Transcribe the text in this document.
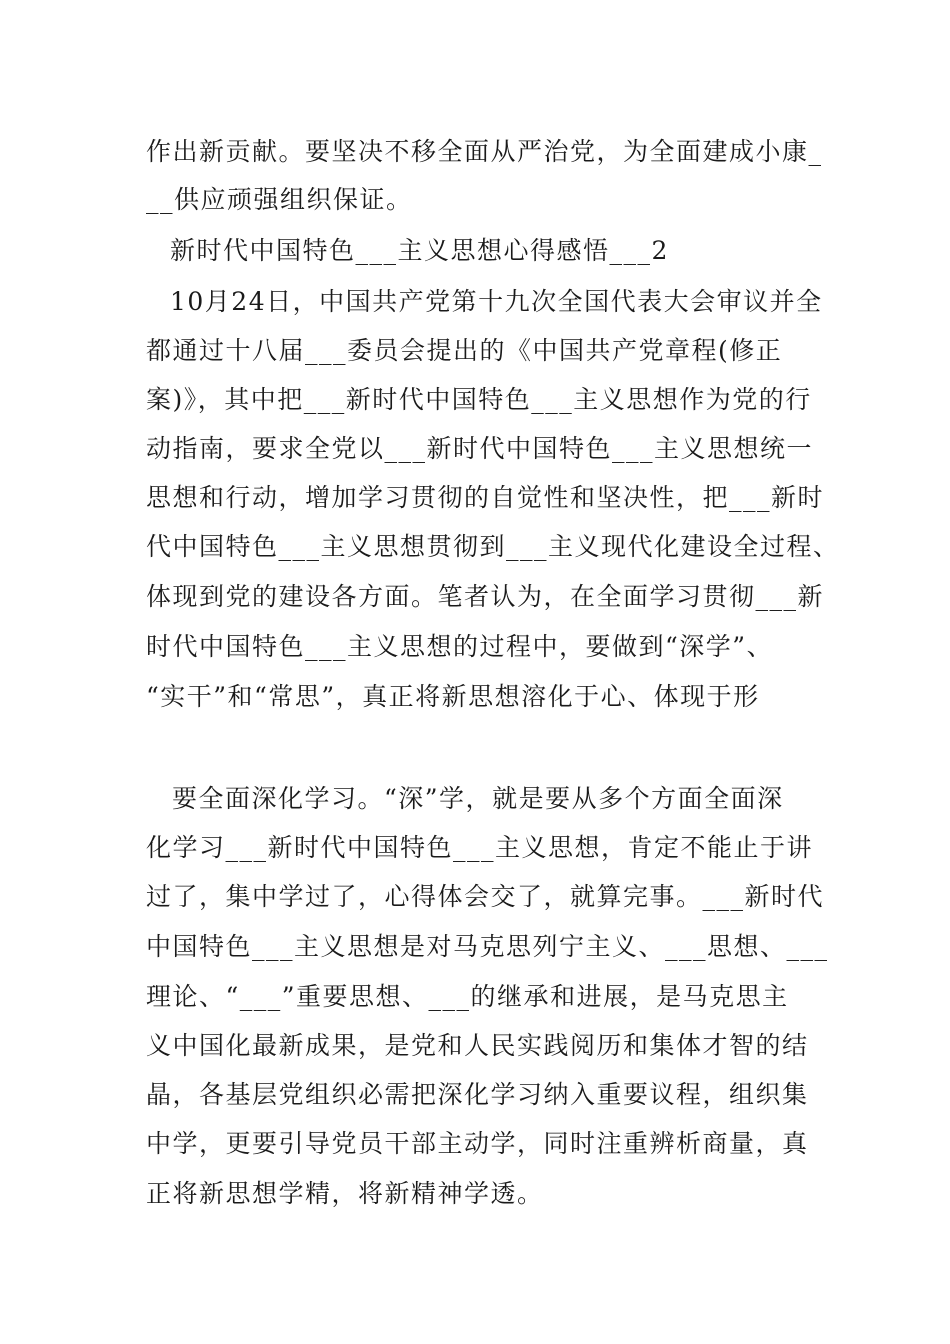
作出新贡献。要坚决不移全面从严治党，为全面建成小康_
__供应顽强组织保证。
新时代中国特色___主义思想心得感悟___2
10月24日，中国共产党第十九次全国代表大会审议并全
都通过十八届___委员会提出的《中国共产党章程(修正
案)》，其中把___新时代中国特色___主义思想作为党的行
动指南，要求全党以___新时代中国特色___主义思想统一
思想和行动，增加学习贯彻的自觉性和坚决性，把___新时
代中国特色___主义思想贯彻到___主义现代化建设全过程、
体现到党的建设各方面。笔者认为，在全面学习贯彻___新
时代中国特色___主义思想的过程中，要做到“深学”、
“实干”和“常思”，真正将新思想溶化于心、体现于形
要全面深化学习。“深”学，就是要从多个方面全面深
化学习___新时代中国特色___主义思想，肯定不能止于讲
过了，集中学过了，心得体会交了，就算完事。___新时代
中国特色___主义思想是对马克思列宁主义、___思想、___
理论、“___”重要思想、___的继承和进展，是马克思主
义中国化最新成果，是党和人民实践阅历和集体才智的结
晶，各基层党组织必需把深化学习纳入重要议程，组织集
中学，更要引导党员干部主动学，同时注重辨析商量，真
正将新思想学精，将新精神学透。
